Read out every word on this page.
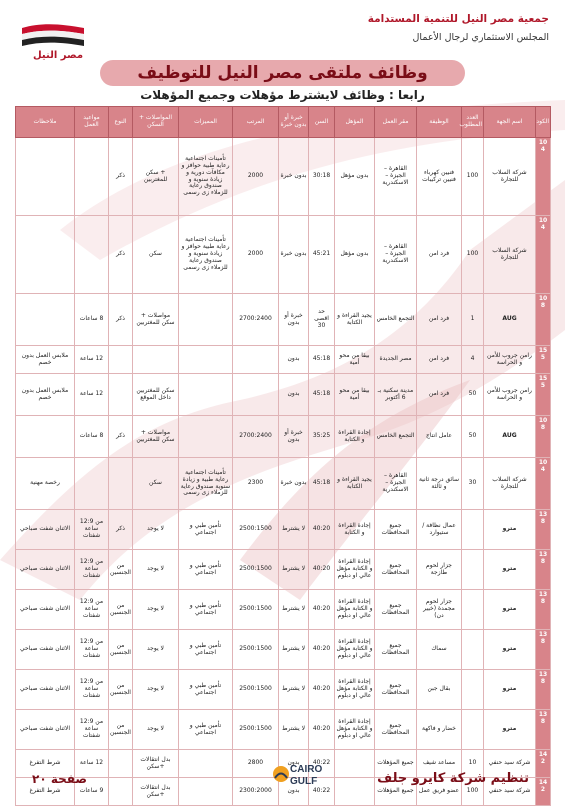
جمعية مصر النيل للتنمية المستدامة
المجلس الاستثماري لرجال الأعمال
مصر النيل
وظائف ملتقى مصر النيل للتوظيف
رابعا : وظائف لايشترط مؤهلات وجميع المؤهلات
الكود	اسم الجهة	العدد المطلوب	الوظيفة	مقر العمل	المؤهل	السن	خبرة أو بدون خبرة	المرتب	المميزات	المواصلات + السكن	النوع	مواعيد العمل	ملاحظات
104	شركة السلاب للتجارة	100	فنيين كهرباء فنيين تركيبات	القاهرة – الجيزة – الاسكندرية	بدون مؤهل	30:18	بدون خبرة	2000	تأمينات اجتماعية رعاية طبية حوافز و مكافآت دورية و زيادة سنوية و صندوق رعاية للزملاء زى رسمى	+ سكن للمغتربين	ذكر		
104	شركة السلاب للتجارة	100	فرد امن	القاهرة – الجيزة – الاسكندرية	بدون مؤهل	45:21	بدون خبرة	2000	تأمينات اجتماعية رعاية طبية حوافز و زيادة سنوية و صندوق رعاية للزملاء زى رسمى	سكن	ذكر		
108	AUG	1	فرد امن	التجمع الخامس	يجيد القراءة و الكتابة	حد اقصى 30	خبرة أو بدون	2700:2400		مواصلات + سكن للمغتربين	ذكر	8 ساعات	
155	رامن جروب للأمن و الحراسة	4	فرد امن	مصر الجديدة	بيقا من محو أمية	45:18	بدون					12 ساعة	ملابس العمل بدون خصم
155	رامن جروب للأمن و الحراسة	50	فرد امن	مدينة سكنية بـ 6 أكتوبر	بيقا من محو أمية	45:18	بدون			سكن للمغتربين داخل الموقع		12 ساعة	ملابس العمل بدون خصم
108	AUG	50	عامل انتاج	التجمع الخامس	إجادة القراءة و الكتابة	35:25	خبرة أو بدون	2700:2400		مواصلات + سكن للمغتربين	ذكر	8 ساعات	
104	شركة السلاب للتجارة	30	سائق درجة ثانية و ثالثة	القاهرة – الجيزة – الاسكندرية	يجيد القراءة و الكتابة	45:18	بدون خبرة	2300	تأمينات اجتماعية رعاية طبية و زيادة سنوية صندوق رعاية للزملاء زى رسمى	سكن			رخصة مهنية
138	مترو		عمال نظافة / ستيوارد	جميع المحافظات	إجادة القراءة و الكتابة	40:20	لا يشترط	2500:1500	تأمين طبي و اجتماعي	لا يوجد	ذكر	من 12:9 ساعة شفتات	الاثنان شفت صباحي
138	مترو		جزار لحوم طازجة	جميع المحافظات	إجادة القراءة و الكتابة مؤهل عالي او دبلوم	40:20	لا يشترط	2500:1500	تأمين طبي و اجتماعي	لا يوجد	من الجنسين	من 12:9 ساعة شفتات	الاثنان شفت صباحي
138	مترو		جزار لحوم مجمدة (خيير دن)	جميع المحافظات	إجادة القراءة و الكتابة مؤهل عالي او دبلوم	40:20	لا يشترط	2500:1500	تأمين طبي و اجتماعي	لا يوجد	من الجنسين	من 12:9 ساعة شفتات	الاثنان شفت صباحي
138	مترو		سماك	جميع المحافظات	إجادة القراءة و الكتابة مؤهل عالي او دبلوم	40:20	لا يشترط	2500:1500	تأمين طبي و اجتماعي	لا يوجد	من الجنسين	من 12:9 ساعة شفتات	الاثنان شفت صباحي
138	مترو		بقال جبن	جميع المحافظات	إجادة القراءة و الكتابة مؤهل عالي او دبلوم	40:20	لا يشترط	2500:1500	تأمين طبي و اجتماعي	لا يوجد	من الجنسين	من 12:9 ساعة شفتات	الاثنان شفت صباحي
138	مترو		خضار و فاكهة	جميع المحافظات	إجادة القراءة و الكتابة مؤهل عالي او دبلوم	40:20	لا يشترط	2500:1500	تأمين طبي و اجتماعي	لا يوجد	من الجنسين	من 12:9 ساعة شفتات	الاثنان شفت صباحي
142	شركة سيد حنفي	10	مساعد شيف	جميع المؤهلات		40:22	بدون	2800		بدل انتقالات +سكن		12 ساعة	شرط التفرغ
142	شركة سيد حنفي	100	عضو فريق عمل	جميع المؤهلات		40:22	بدون	2300:2000		بدل انتقالات +سكن		9 ساعات	شرط التفرغ
تنظيم شركة كايرو جلف
صفحة ٢٠
CAIRO
GULF
